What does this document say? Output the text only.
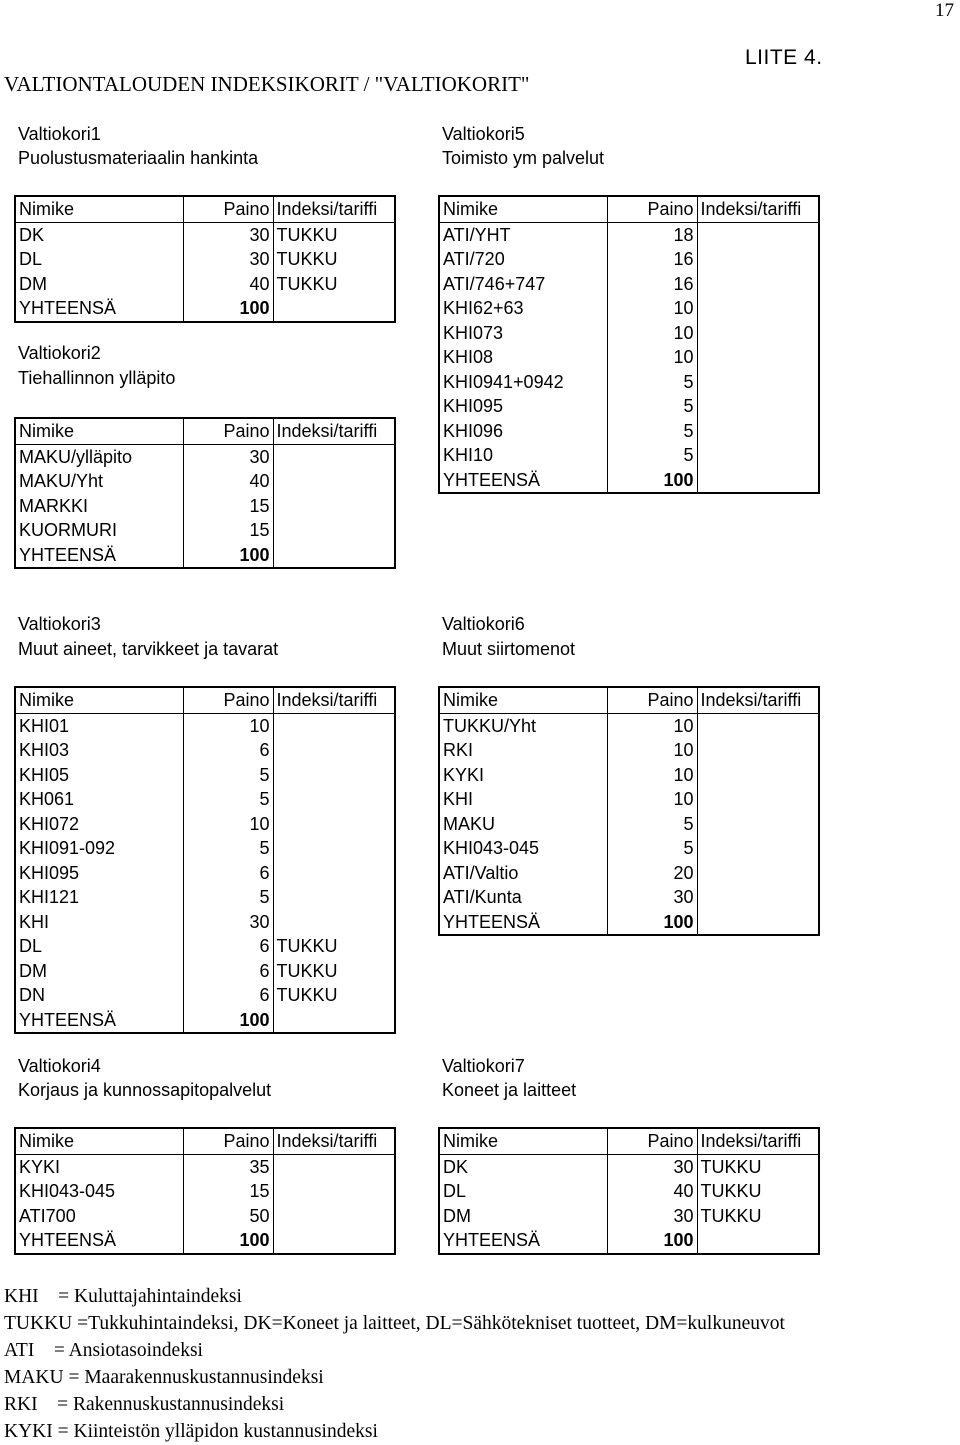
17
VALTIONTALOUDEN INDEKSIKORIT / "VALTIOKORIT"
LIITE 4.
Valtiokori1
Puolustusmateriaalin hankinta
Nimike	Paino	Indeksi/tariffi
DK	30	TUKKU
DL	30	TUKKU
DM	40	TUKKU
YHTEENSÄ	100	
Valtiokori2
Tiehallinnon ylläpito
Nimike	Paino	Indeksi/tariffi
MAKU/ylläpito	30	
MAKU/Yht	40	
MARKKI	15	
KUORMURI	15	
YHTEENSÄ	100	
Valtiokori3
Muut aineet, tarvikkeet ja tavarat
Nimike	Paino	Indeksi/tariffi
KHI01	10	
KHI03	6	
KHI05	5	
KH061	5	
KHI072	10	
KHI091-092	5	
KHI095	6	
KHI121	5	
KHI	30	
DL	6	TUKKU
DM	6	TUKKU
DN	6	TUKKU
YHTEENSÄ	100	
Valtiokori4
Korjaus ja kunnossapitopalvelut
Nimike	Paino	Indeksi/tariffi
KYKI	35	
KHI043-045	15	
ATI700	50	
YHTEENSÄ	100	
Valtiokori5
Toimisto ym palvelut
Nimike	Paino	Indeksi/tariffi
ATI/YHT	18	
ATI/720	16	
ATI/746+747	16	
KHI62+63	10	
KHI073	10	
KHI08	10	
KHI0941+0942	5	
KHI095	5	
KHI096	5	
KHI10	5	
YHTEENSÄ	100	
Valtiokori6
Muut siirtomenot
Nimike	Paino	Indeksi/tariffi
TUKKU/Yht	10	
RKI	10	
KYKI	10	
KHI	10	
MAKU	5	
KHI043-045	5	
ATI/Valtio	20	
ATI/Kunta	30	
YHTEENSÄ	100	
Valtiokori7
Koneet ja laitteet
Nimike	Paino	Indeksi/tariffi
DK	30	TUKKU
DL	40	TUKKU
DM	30	TUKKU
YHTEENSÄ	100	
KHI    = Kuluttajahintaindeksi
TUKKU =Tukkuhintaindeksi, DK=Koneet ja laitteet, DL=Sähkötekniset tuotteet, DM=kulkuneuvot
ATI    = Ansiotasoindeksi
MAKU = Maarakennuskustannusindeksi
RKI    = Rakennuskustannusindeksi
KYKI = Kiinteistön ylläpidon kustannusindeksi
